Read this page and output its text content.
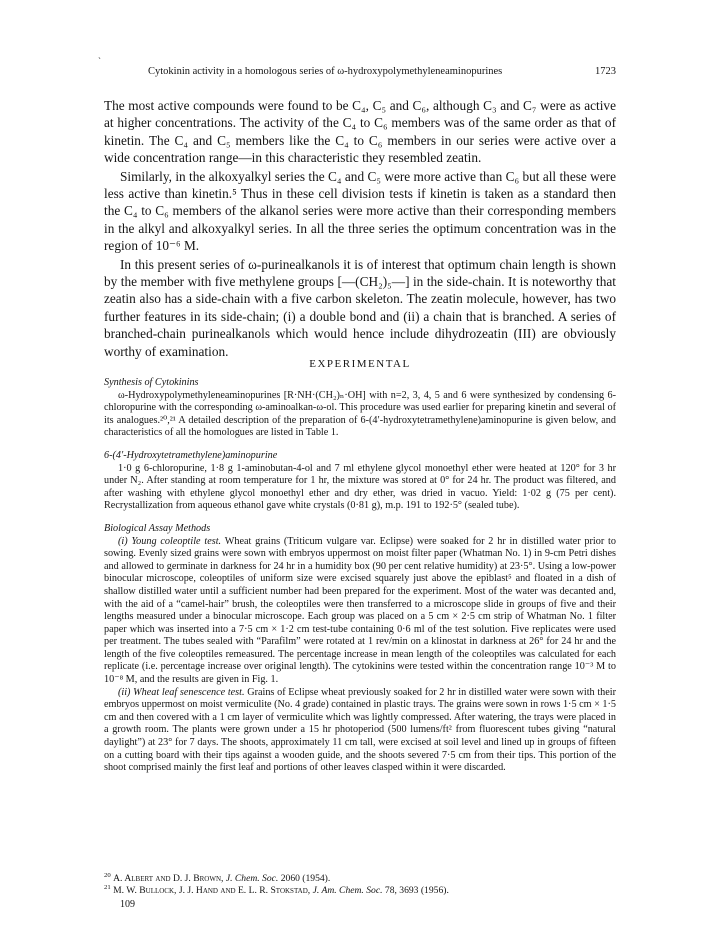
`
Cytokinin activity in a homologous series of ω-hydroxypolymethyleneaminopurines	1723

The most active compounds were found to be C₄, C₅ and C₆, although C₃ and C₇ were as active at higher concentrations. The activity of the C₄ to C₆ members was of the same order as that of kinetin. The C₄ and C₅ members like the C₄ to C₆ members in our series were active over a wide concentration range—in this characteristic they resembled zeatin.

Similarly, in the alkoxyalkyl series the C₄ and C₅ were more active than C₆ but all these were less active than kinetin.⁵ Thus in these cell division tests if kinetin is taken as a standard then the C₄ to C₆ members of the alkanol series were more active than their corresponding members in the alkyl and alkoxyalkyl series. In all the three series the optimum concentration was in the region of 10⁻⁶ M.

In this present series of ω-purinealkanols it is of interest that optimum chain length is shown by the member with five methylene groups [—(CH₂)₅—] in the side-chain. It is noteworthy that zeatin also has a side-chain with a five carbon skeleton. The zeatin molecule, however, has two further features in its side-chain; (i) a double bond and (ii) a chain that is branched. A series of branched-chain purinealkanols which would hence include dihydrozeatin (III) are obviously worthy of examination.

EXPERIMENTAL

Synthesis of Cytokinins

ω-Hydroxypolymethyleneaminopurines [R·NH·(CH₂)ₙ·OH] with n=2, 3, 4, 5 and 6 were synthesized by condensing 6-chloropurine with the corresponding ω-aminoalkan-ω-ol. This procedure was used earlier for preparing kinetin and several of its analogues.²⁰,²¹ A detailed description of the preparation of 6-(4′-hydroxytetramethylene)aminopurine is given below, and characteristics of all the homologues are listed in Table 1.

6-(4′-Hydroxytetramethylene)aminopurine

1·0 g 6-chloropurine, 1·8 g 1-aminobutan-4-ol and 7 ml ethylene glycol monoethyl ether were heated at 120° for 3 hr under N₂. After standing at room temperature for 1 hr, the mixture was stored at 0° for 24 hr. The product was filtered, and after washing with ethylene glycol monoethyl ether and dry ether, was dried in vacuo. Yield: 1·02 g (75 per cent). Recrystallization from aqueous ethanol gave white crystals (0·81 g), m.p. 191 to 192·5° (sealed tube).

Biological Assay Methods

(i) Young coleoptile test. Wheat grains (Triticum vulgare var. Eclipse) were soaked for 2 hr in distilled water prior to sowing. Evenly sized grains were sown with embryos uppermost on moist filter paper (Whatman No. 1) in 9-cm Petri dishes and allowed to germinate in darkness for 24 hr in a humidity box (90 per cent relative humidity) at 23·5°. Using a low-power binocular microscope, coleoptiles of uniform size were excised squarely just above the epiblast⁵ and floated in a dish of shallow distilled water until a sufficient number had been prepared for the experiment. Most of the water was decanted and, with the aid of a “camel-hair” brush, the coleoptiles were then transferred to a microscope slide in groups of five and their lengths measured under a binocular microscope. Each group was placed on a 5 cm × 2·5 cm strip of Whatman No. 1 filter paper which was inserted into a 7·5 cm × 1·2 cm test-tube containing 0·6 ml of the test solution. Five replicates were used per treatment. The tubes sealed with “Parafilm” were rotated at 1 rev/min on a klinostat in darkness at 26° for 24 hr and the length of the five coleoptiles remeasured. The percentage increase in mean length of the coleoptiles was calculated for each replicate (i.e. percentage increase over original length). The cytokinins were tested within the concentration range 10⁻³ M to 10⁻⁸ M, and the results are given in Fig. 1.

(ii) Wheat leaf senescence test. Grains of Eclipse wheat previously soaked for 2 hr in distilled water were sown with their embryos uppermost on moist vermiculite (No. 4 grade) contained in plastic trays. The grains were sown in rows 1·5 cm × 1·5 cm and then covered with a 1 cm layer of vermiculite which was lightly compressed. After watering, the trays were placed in a growth room. The plants were grown under a 15 hr photoperiod (500 lumens/ft² from fluorescent tubes giving “natural daylight”) at 23° for 7 days. The shoots, approximately 11 cm tall, were excised at soil level and lined up in groups of fifteen on a cutting board with their tips against a wooden guide, and the shoots severed 7·5 cm from their tips. This portion of the shoot comprised mainly the first leaf and portions of other leaves clasped within it were discarded.

$^{20}$ A. Albert and D. J. Brown, J. Chem. Soc. 2060 (1954).

$^{21}$ M. W. Bullock, J. J. Hand and E. L. R. Stokstad, J. Am. Chem. Soc. 78, 3693 (1956).

109
